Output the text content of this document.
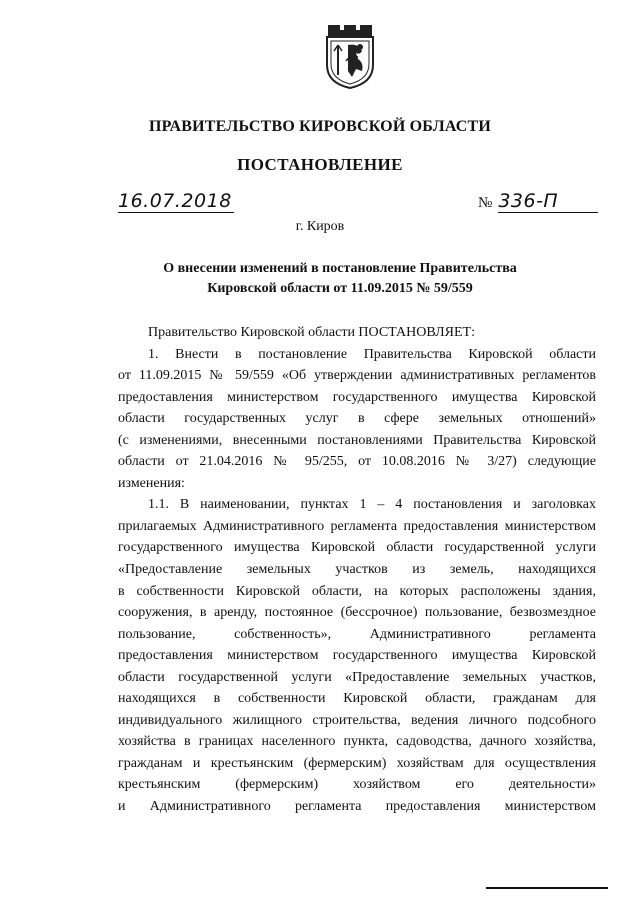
ПРАВИТЕЛЬСТВО КИРОВСКОЙ ОБЛАСТИ
ПОСТАНОВЛЕНИЕ
16.07.2018	№ 336-П
г. Киров
О внесении изменений в постановление Правительства
Кировской области от 11.09.2015 № 59/559
Правительство Кировской области ПОСТАНОВЛЯЕТ:
1. Внести в постановление Правительства Кировской области
от 11.09.2015 № 59/559 «Об утверждении административных регламентов
предоставления министерством государственного имущества Кировской
области государственных услуг в сфере земельных отношений»
(с изменениями, внесенными постановлениями Правительства Кировской
области от 21.04.2016 № 95/255, от 10.08.2016 № 3/27) следующие
изменения:
1.1. В наименовании, пунктах 1 – 4 постановления и заголовках
прилагаемых Административного регламента предоставления министерством
государственного имущества Кировской области государственной услуги
«Предоставление земельных участков из земель, находящихся
в собственности Кировской области, на которых расположены здания,
сооружения, в аренду, постоянное (бессрочное) пользование, безвозмездное
пользование, собственность», Административного регламента
предоставления министерством государственного имущества Кировской
области государственной услуги «Предоставление земельных участков,
находящихся в собственности Кировской области, гражданам для
индивидуального жилищного строительства, ведения личного подсобного
хозяйства в границах населенного пункта, садоводства, дачного хозяйства,
гражданам и крестьянским (фермерским) хозяйствам для осуществления
крестьянским (фермерским) хозяйством его деятельности»
и Административного регламента предоставления министерством
